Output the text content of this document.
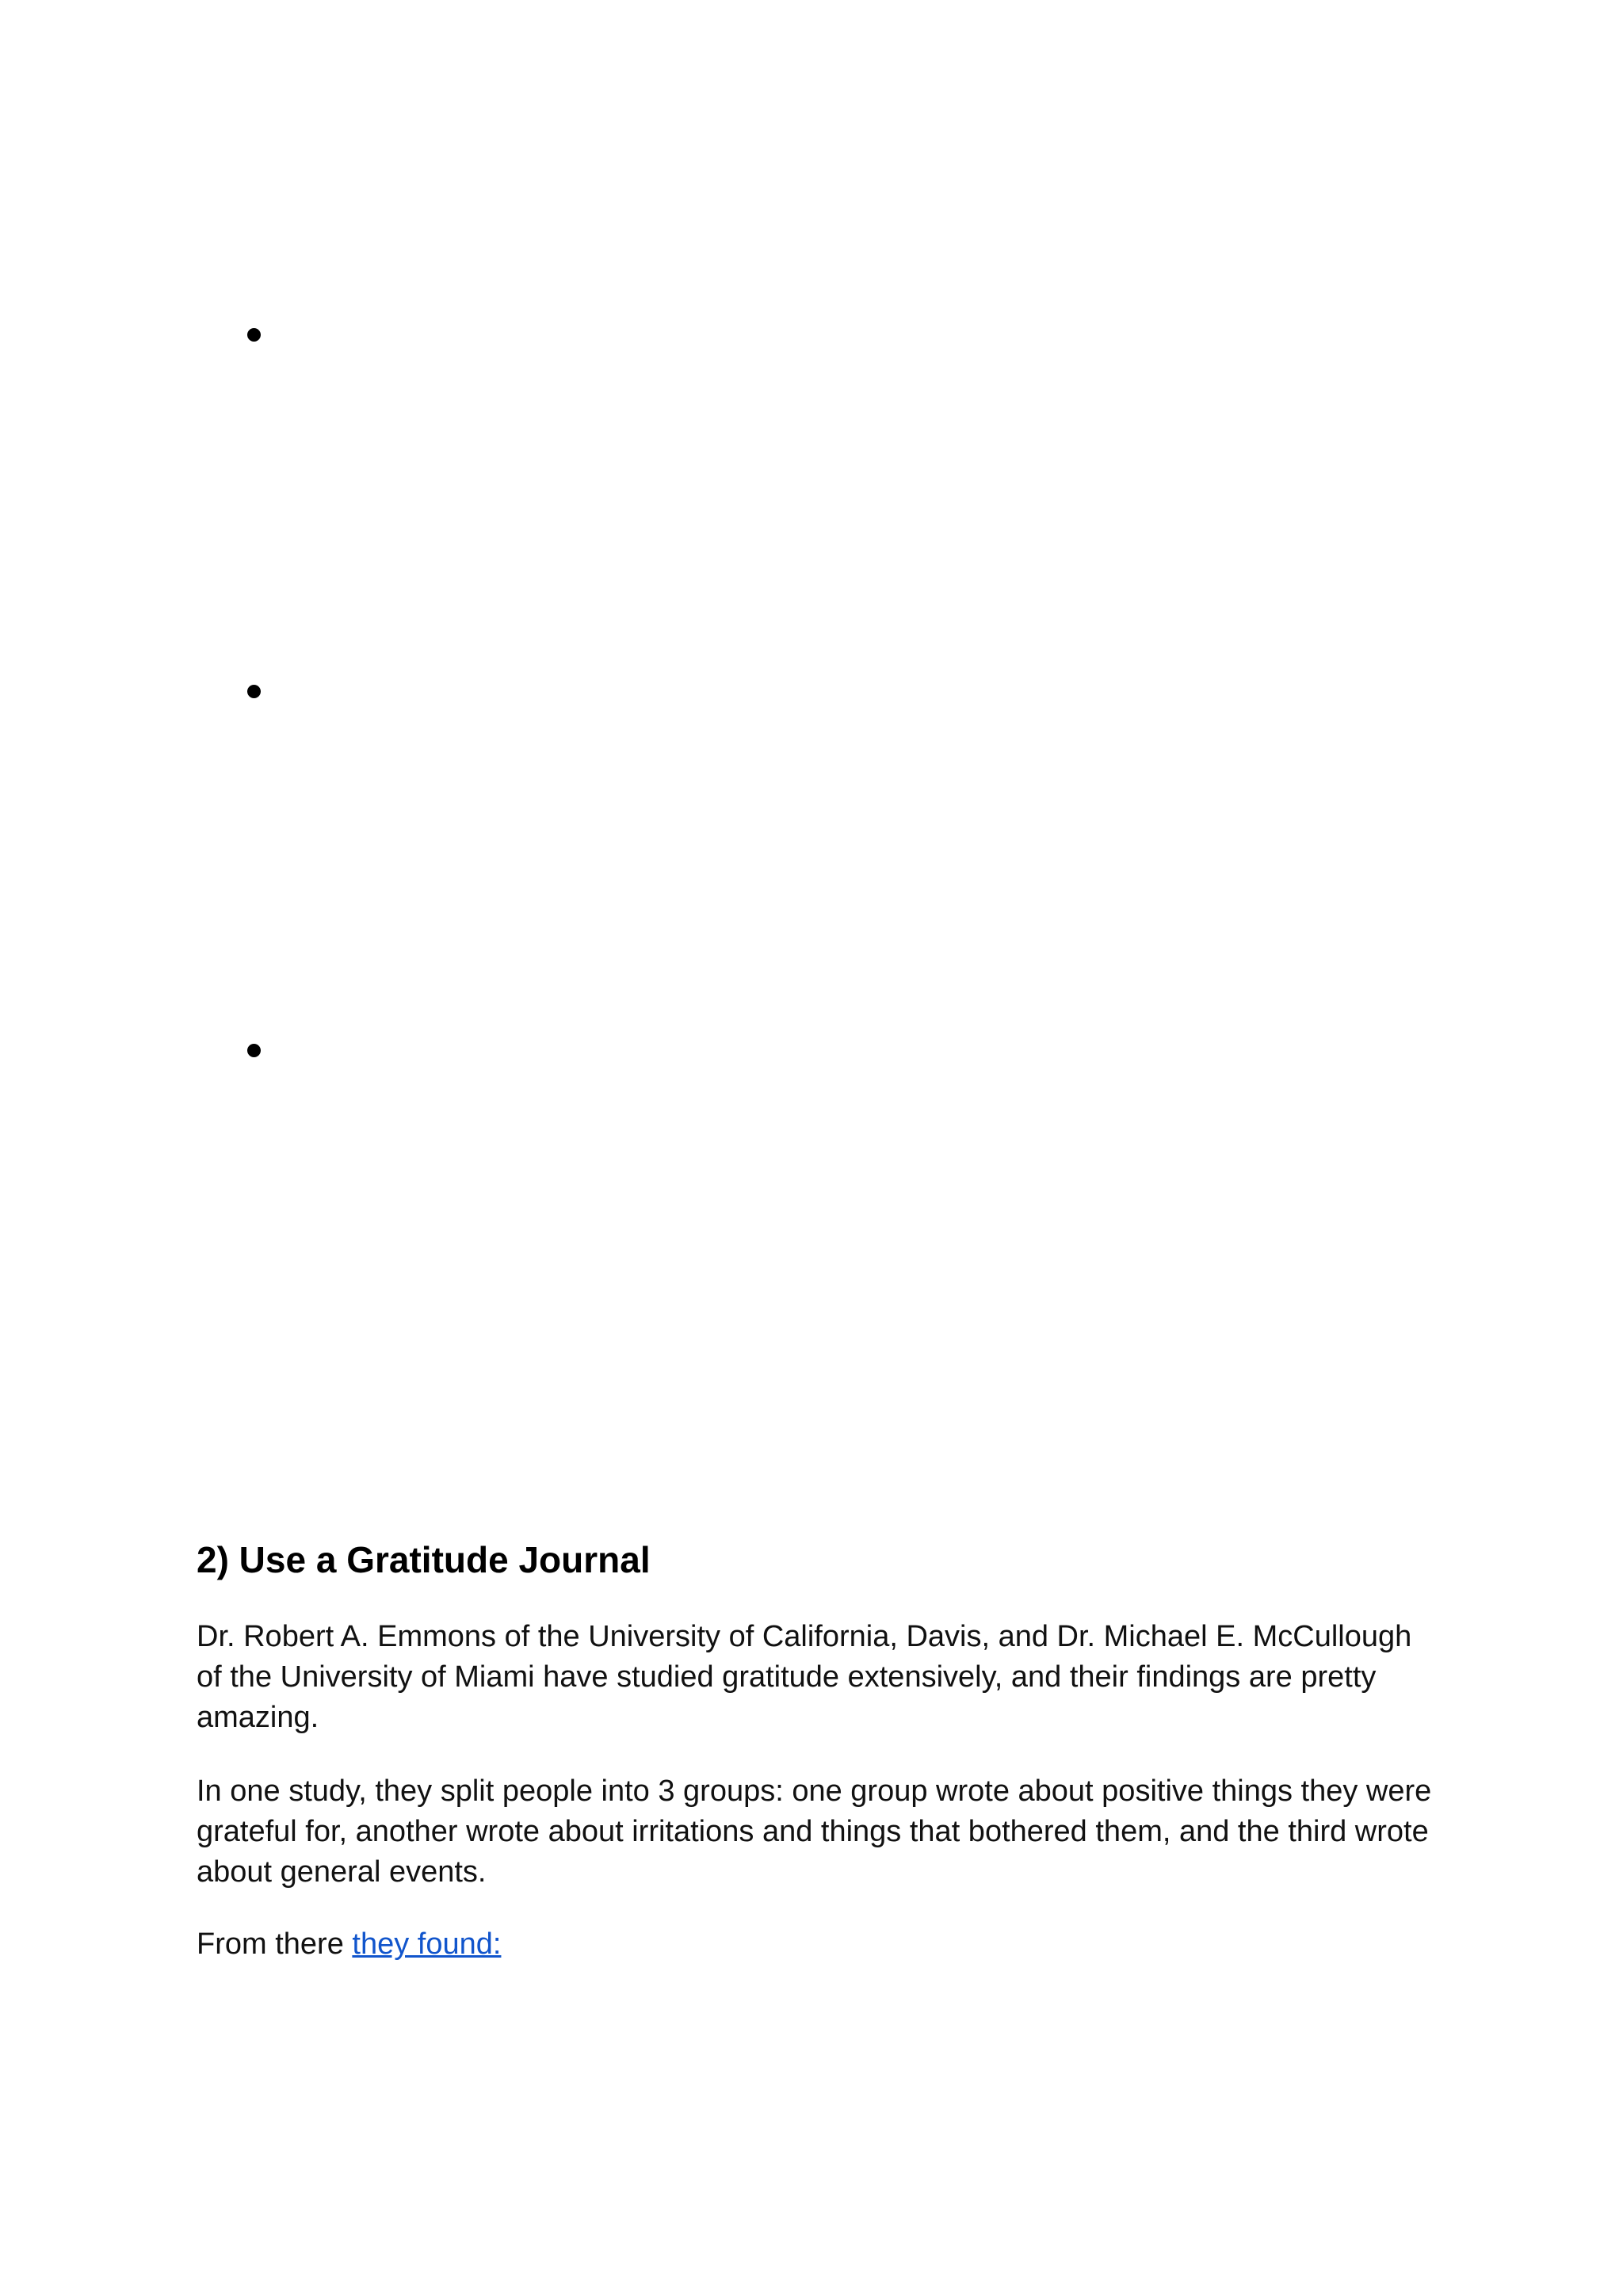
2) Use a Gratitude Journal

Dr. Robert A. Emmons of the University of California, Davis, and Dr. Michael E. McCullough of the University of Miami have studied gratitude extensively, and their findings are pretty amazing.

In one study, they split people into 3 groups: one group wrote about positive things they were grateful for, another wrote about irritations and things that bothered them, and the third wrote about general events.

From there they found:
